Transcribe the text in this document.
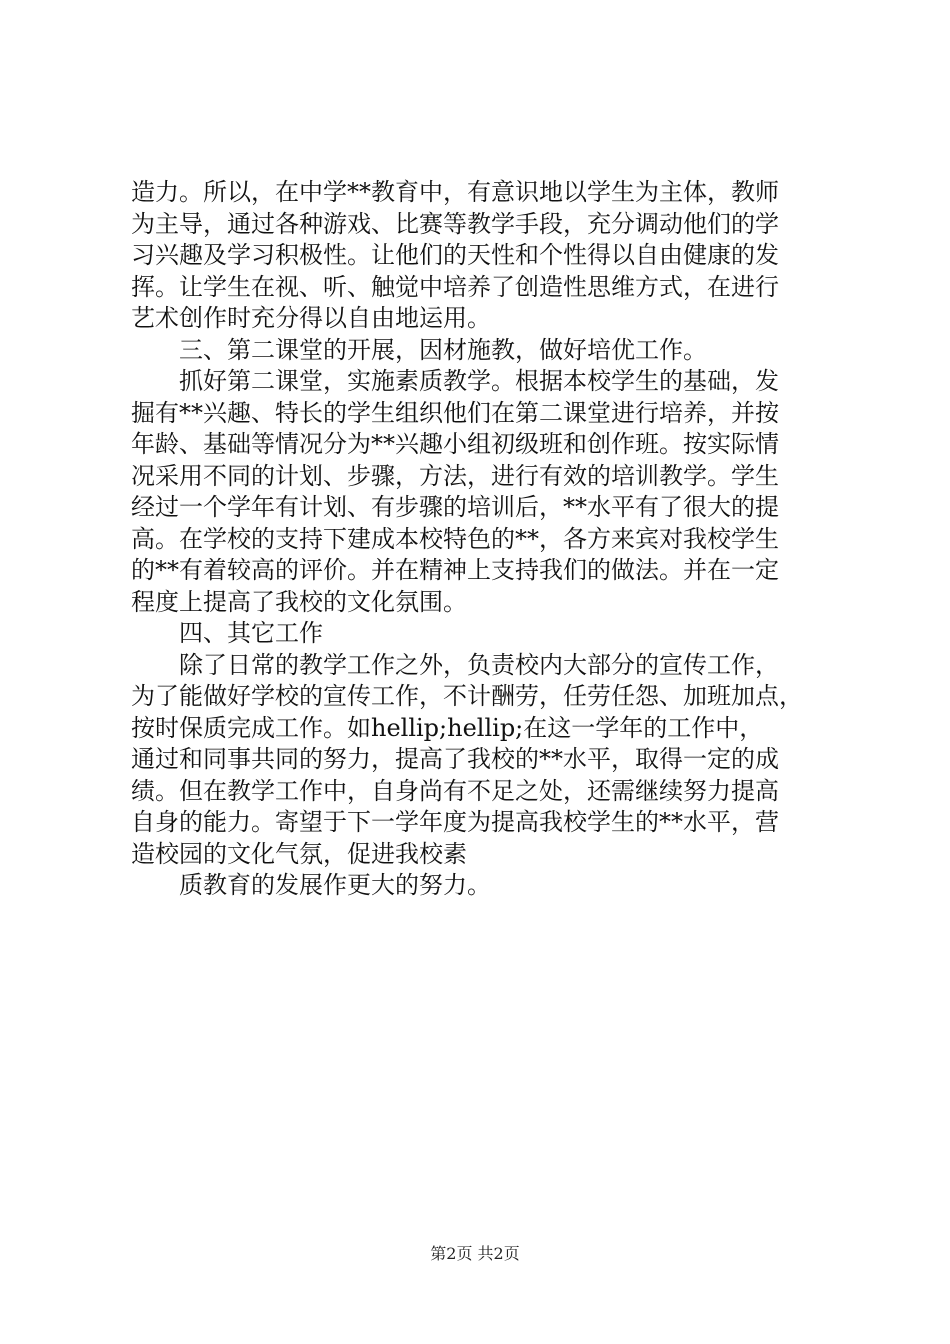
造力。所以，在中学**教育中，有意识地以学生为主体，教师
为主导，通过各种游戏、比赛等教学手段，充分调动他们的学
习兴趣及学习积极性。让他们的天性和个性得以自由健康的发
挥。让学生在视、听、触觉中培养了创造性思维方式，在进行
艺术创作时充分得以自由地运用。
三、第二课堂的开展，因材施教，做好培优工作。
抓好第二课堂，实施素质教学。根据本校学生的基础，发
掘有**兴趣、特长的学生组织他们在第二课堂进行培养，并按
年龄、基础等情况分为**兴趣小组初级班和创作班。按实际情
况采用不同的计划、步骤，方法，进行有效的培训教学。学生
经过一个学年有计划、有步骤的培训后，**水平有了很大的提
高。在学校的支持下建成本校特色的**，各方来宾对我校学生
的**有着较高的评价。并在精神上支持我们的做法。并在一定
程度上提高了我校的文化氛围。
四、其它工作
除了日常的教学工作之外，负责校内大部分的宣传工作，
为了能做好学校的宣传工作，不计酬劳，任劳任怨、加班加点，
按时保质完成工作。如hellip;hellip;在这一学年的工作中，
通过和同事共同的努力，提高了我校的**水平，取得一定的成
绩。但在教学工作中，自身尚有不足之处，还需继续努力提高
自身的能力。寄望于下一学年度为提高我校学生的**水平，营
造校园的文化气氛，促进我校素
质教育的发展作更大的努力。
第2页 共2页
